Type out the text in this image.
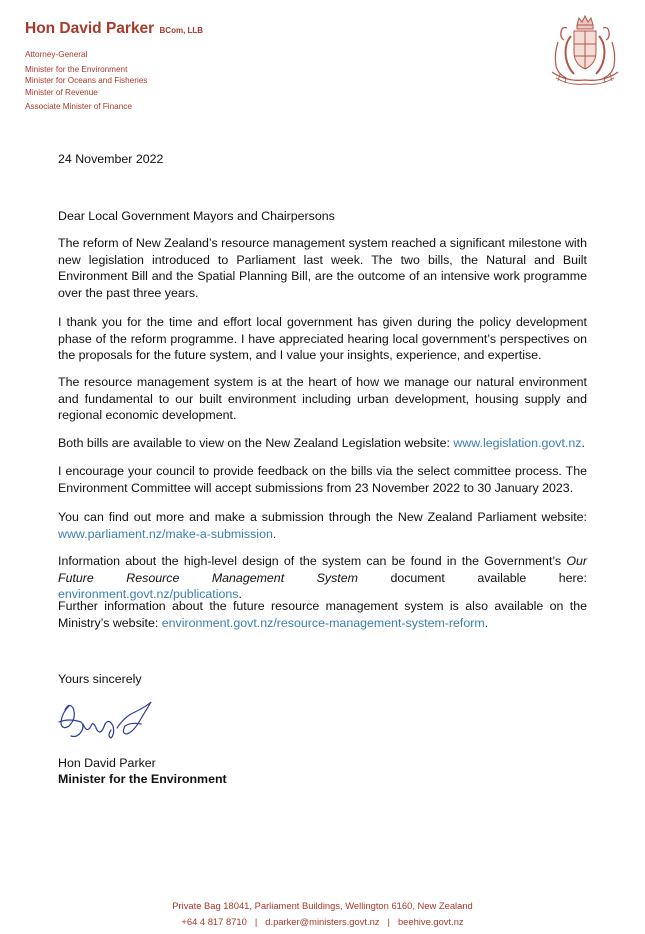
Hon David Parker BCom, LLB
Attorney-General
Minister for the Environment
Minister for Oceans and Fisheries
Minister of Revenue
Associate Minister of Finance
24 November 2022
Dear Local Government Mayors and Chairpersons
The reform of New Zealand’s resource management system reached a significant milestone with new legislation introduced to Parliament last week. The two bills, the Natural and Built Environment Bill and the Spatial Planning Bill, are the outcome of an intensive work programme over the past three years.
I thank you for the time and effort local government has given during the policy development phase of the reform programme. I have appreciated hearing local government’s perspectives on the proposals for the future system, and I value your insights, experience, and expertise.
The resource management system is at the heart of how we manage our natural environment and fundamental to our built environment including urban development, housing supply and regional economic development.
Both bills are available to view on the New Zealand Legislation website: www.legislation.govt.nz.
I encourage your council to provide feedback on the bills via the select committee process. The Environment Committee will accept submissions from 23 November 2022 to 30 January 2023.
You can find out more and make a submission through the New Zealand Parliament website: www.parliament.nz/make-a-submission.
Information about the high-level design of the system can be found in the Government’s Our Future Resource Management System document available here: environment.govt.nz/publications.
Further information about the future resource management system is also available on the Ministry’s website: environment.govt.nz/resource-management-system-reform.
Yours sincerely
Hon David Parker
Minister for the Environment
Private Bag 18041, Parliament Buildings, Wellington 6160, New Zealand
+64 4 817 8710 | d.parker@ministers.govt.nz | beehive.govt.nz
